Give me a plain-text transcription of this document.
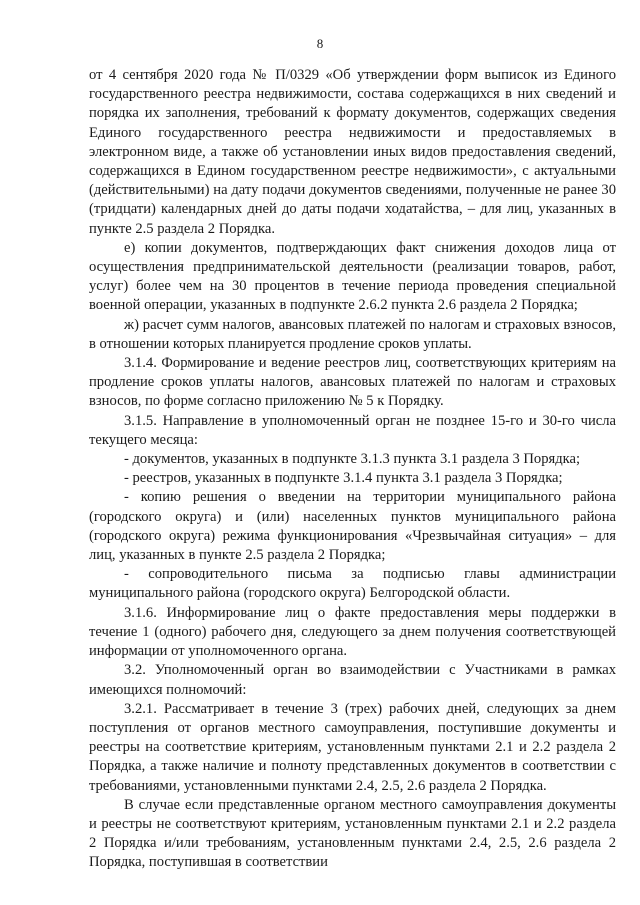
8

от 4 сентября 2020 года № П/0329 «Об утверждении форм выписок из Единого государственного реестра недвижимости, состава содержащихся в них сведений и порядка их заполнения, требований к формату документов, содержащих сведения Единого государственного реестра недвижимости и предоставляемых в электронном виде, а также об установлении иных видов предоставления сведений, содержащихся в Едином государственном реестре недвижимости», с актуальными (действительными) на дату подачи документов сведениями, полученные не ранее 30 (тридцати) календарных дней до даты подачи ходатайства, – для лиц, указанных в пункте 2.5 раздела 2 Порядка.

е) копии документов, подтверждающих факт снижения доходов лица от осуществления предпринимательской деятельности (реализации товаров, работ, услуг) более чем на 30 процентов в течение периода проведения специальной военной операции, указанных в подпункте 2.6.2 пункта 2.6 раздела 2 Порядка;

ж) расчет сумм налогов, авансовых платежей по налогам и страховых взносов, в отношении которых планируется продление сроков уплаты.

3.1.4. Формирование и ведение реестров лиц, соответствующих критериям на продление сроков уплаты налогов, авансовых платежей по налогам и страховых взносов, по форме согласно приложению № 5 к Порядку.

3.1.5. Направление в уполномоченный орган не позднее 15-го и 30-го числа текущего месяца:

- документов, указанных в подпункте 3.1.3 пункта 3.1 раздела 3 Порядка;

- реестров, указанных в подпункте 3.1.4 пункта 3.1 раздела 3 Порядка;

- копию решения о введении на территории муниципального района (городского округа) и (или) населенных пунктов муниципального района (городского округа) режима функционирования «Чрезвычайная ситуация» – для лиц, указанных в пункте 2.5 раздела 2 Порядка;

- сопроводительного письма за подписью главы администрации муниципального района (городского округа) Белгородской области.

3.1.6. Информирование лиц о факте предоставления меры поддержки в течение 1 (одного) рабочего дня, следующего за днем получения соответствующей информации от уполномоченного органа.

3.2. Уполномоченный орган во взаимодействии с Участниками в рамках имеющихся полномочий:

3.2.1. Рассматривает в течение 3 (трех) рабочих дней, следующих за днем поступления от органов местного самоуправления, поступившие документы и реестры на соответствие критериям, установленным пунктами 2.1 и 2.2 раздела 2 Порядка, а также наличие и полноту представленных документов в соответствии с требованиями, установленными пунктами 2.4, 2.5, 2.6 раздела 2 Порядка.

В случае если представленные органом местного самоуправления документы и реестры не соответствуют критериям, установленным пунктами 2.1 и 2.2 раздела 2 Порядка и/или требованиям, установленным пунктами 2.4, 2.5, 2.6 раздела 2 Порядка, поступившая в соответствии
